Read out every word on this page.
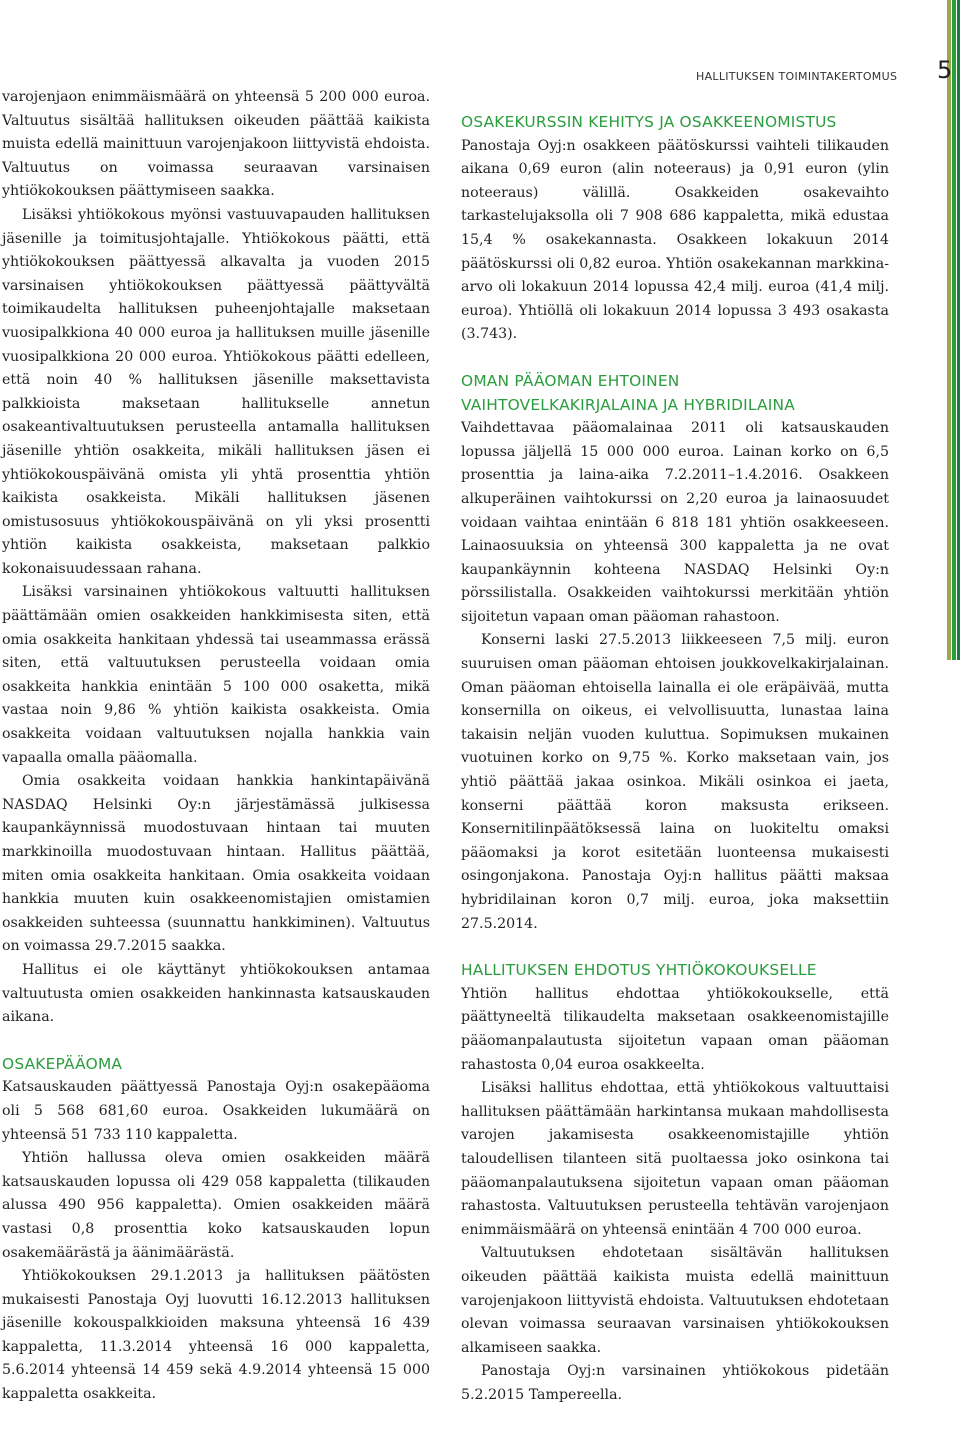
HALLITUKSEN TOIMINTAKERTOMUS 5

varojenjaon enimmäismäärä on yhteensä 5 200 000 euroa. Valtuutus sisältää hallituksen oikeuden päättää kaikista muista edellä mainittuun varojenjakoon liittyvistä ehdoista. Valtuutus on voimassa seuraavan varsinaisen yhtiökokouksen päättymiseen saakka.

Lisäksi yhtiökokous myönsi vastuuvapauden hallituksen jäsenille ja toimitusjohtajalle. Yhtiökokous päätti, että yhtiökokouksen päättyessä alkavalta ja vuoden 2015 varsinaisen yhtiökokouksen päättyessä päättyvältä toimikaudelta hallituksen puheenjohtajalle maksetaan vuosipalkkiona 40 000 euroa ja hallituksen muille jäsenille vuosipalkkiona 20 000 euroa. Yhtiökokous päätti edelleen, että noin 40 % hallituksen jäsenille maksettavista palkkioista maksetaan hallitukselle annetun osakeantivaltuutuksen perusteella antamalla hallituksen jäsenille yhtiön osakkeita, mikäli hallituksen jäsen ei yhtiökokouspäivänä omista yli yhtä prosenttia yhtiön kaikista osakkeista. Mikäli hallituksen jäsenen omistusosuus yhtiökokouspäivänä on yli yksi prosentti yhtiön kaikista osakkeista, maksetaan palkkio kokonaisuudessaan rahana.

Lisäksi varsinainen yhtiökokous valtuutti hallituksen päättämään omien osakkeiden hankkimisesta siten, että omia osakkeita hankitaan yhdessä tai useammassa erässä siten, että valtuutuksen perusteella voidaan omia osakkeita hankkia enintään 5 100 000 osaketta, mikä vastaa noin 9,86 % yhtiön kaikista osakkeista. Omia osakkeita voidaan valtuutuksen nojalla hankkia vain vapaalla omalla pääomalla.

Omia osakkeita voidaan hankkia hankintapäivänä NASDAQ Helsinki Oy:n järjestämässä julkisessa kaupankäynnissä muodostuvaan hintaan tai muuten markkinoilla muodostuvaan hintaan. Hallitus päättää, miten omia osakkeita hankitaan. Omia osakkeita voidaan hankkia muuten kuin osakkeenomistajien omistamien osakkeiden suhteessa (suunnattu hankkiminen). Valtuutus on voimassa 29.7.2015 saakka.

Hallitus ei ole käyttänyt yhtiökokouksen antamaa valtuutusta omien osakkeiden hankinnasta katsauskauden aikana.

OSAKEPÄÄOMA

Katsauskauden päättyessä Panostaja Oyj:n osakepääoma oli 5 568 681,60 euroa. Osakkeiden lukumäärä on yhteensä 51 733 110 kappaletta.

Yhtiön hallussa oleva omien osakkeiden määrä katsauskauden lopussa oli 429 058 kappaletta (tilikauden alussa 490 956 kappaletta). Omien osakkeiden määrä vastasi 0,8 prosenttia koko katsauskauden lopun osakemäärästä ja äänimäärästä.

Yhtiökokouksen 29.1.2013 ja hallituksen päätösten mukaisesti Panostaja Oyj luovutti 16.12.2013 hallituksen jäsenille kokouspalkkioiden maksuna yhteensä 16 439 kappaletta, 11.3.2014 yhteensä 16 000 kappaletta, 5.6.2014 yhteensä 14 459 sekä 4.9.2014 yhteensä 15 000 kappaletta osakkeita.

OSAKEKURSSIN KEHITYS JA OSAKKEENOMISTUS

Panostaja Oyj:n osakkeen päätöskurssi vaihteli tilikauden aikana 0,69 euron (alin noteeraus) ja 0,91 euron (ylin noteeraus) välillä. Osakkeiden osakevaihto tarkastelujaksolla oli 7 908 686 kappaletta, mikä edustaa 15,4 % osakekannasta. Osakkeen lokakuun 2014 päätöskurssi oli 0,82 euroa. Yhtiön osakekannan markkina-arvo oli lokakuun 2014 lopussa 42,4 milj. euroa (41,4 milj. euroa). Yhtiöllä oli lokakuun 2014 lopussa 3 493 osakasta (3.743).

OMAN PÄÄOMAN EHTOINEN
VAIHTOVELKAKIRJALAINA JA HYBRIDILAINA

Vaihdettavaa pääomalainaa 2011 oli katsauskauden lopussa jäljellä 15 000 000 euroa. Lainan korko on 6,5 prosenttia ja laina-aika 7.2.2011–1.4.2016. Osakkeen alkuperäinen vaihtokurssi on 2,20 euroa ja lainaosuudet voidaan vaihtaa enintään 6 818 181 yhtiön osakkeeseen. Lainaosuuksia on yhteensä 300 kappaletta ja ne ovat kaupankäynnin kohteena NASDAQ Helsinki Oy:n pörssilistalla. Osakkeiden vaihtokurssi merkitään yhtiön sijoitetun vapaan oman pääoman rahastoon.

Konserni laski 27.5.2013 liikkeeseen 7,5 milj. euron suuruisen oman pääoman ehtoisen joukkovelkakirjalainan. Oman pääoman ehtoisella lainalla ei ole eräpäivää, mutta konsernilla on oikeus, ei velvollisuutta, lunastaa laina takaisin neljän vuoden kuluttua. Sopimuksen mukainen vuotuinen korko on 9,75 %. Korko maksetaan vain, jos yhtiö päättää jakaa osinkoa. Mikäli osinkoa ei jaeta, konserni päättää koron maksusta erikseen. Konsernitilinpäätöksessä laina on luokiteltu omaksi pääomaksi ja korot esitetään luonteensa mukaisesti osingonjakona. Panostaja Oyj:n hallitus päätti maksaa hybridilainan koron 0,7 milj. euroa, joka maksettiin 27.5.2014.

HALLITUKSEN EHDOTUS YHTIÖKOKOUKSELLE

Yhtiön hallitus ehdottaa yhtiökokoukselle, että päättyneeltä tilikaudelta maksetaan osakkeenomistajille pääomanpalautusta sijoitetun vapaan oman pääoman rahastosta 0,04 euroa osakkeelta.

Lisäksi hallitus ehdottaa, että yhtiökokous valtuuttaisi hallituksen päättämään harkintansa mukaan mahdollisesta varojen jakamisesta osakkeenomistajille yhtiön taloudellisen tilanteen sitä puoltaessa joko osinkona tai pääomanpalautuksena sijoitetun vapaan oman pääoman rahastosta. Valtuutuksen perusteella tehtävän varojenjaon enimmäismäärä on yhteensä enintään 4 700 000 euroa.

Valtuutuksen ehdotetaan sisältävän hallituksen oikeuden päättää kaikista muista edellä mainittuun varojenjakoon liittyvistä ehdoista. Valtuutuksen ehdotetaan olevan voimassa seuraavan varsinaisen yhtiökokouksen alkamiseen saakka.

Panostaja Oyj:n varsinainen yhtiökokous pidetään 5.2.2015 Tampereella.
